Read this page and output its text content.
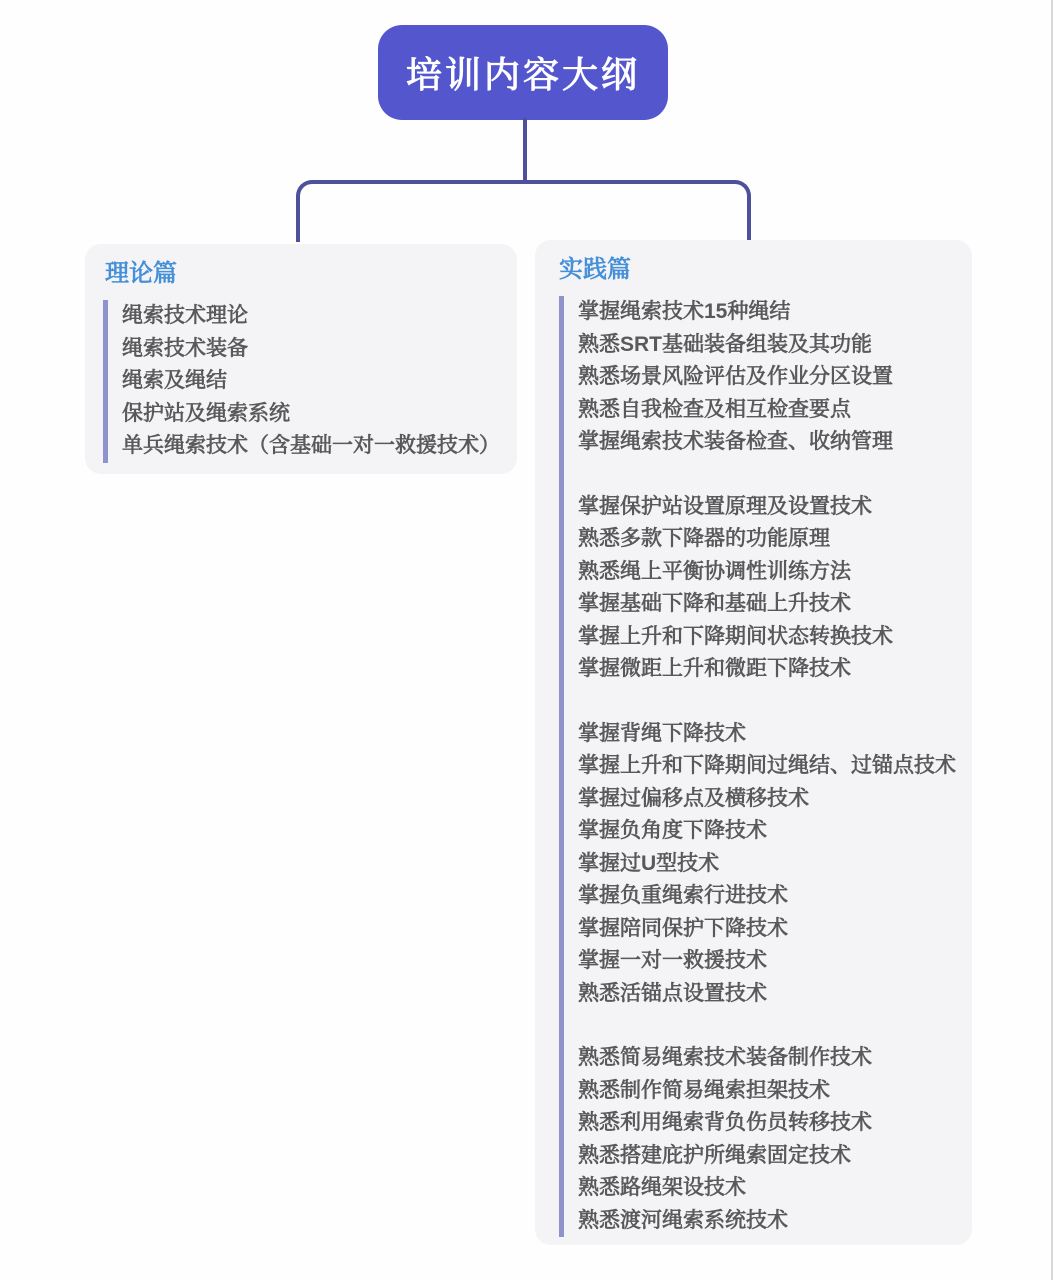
培训内容大纲
理论篇
绳索技术理论
绳索技术装备
绳索及绳结
保护站及绳索系统
单兵绳索技术（含基础一对一救援技术）
实践篇
掌握绳索技术15种绳结
熟悉SRT基础装备组装及其功能
熟悉场景风险评估及作业分区设置
熟悉自我检查及相互检查要点
掌握绳索技术装备检查、收纳管理
掌握保护站设置原理及设置技术
熟悉多款下降器的功能原理
熟悉绳上平衡协调性训练方法
掌握基础下降和基础上升技术
掌握上升和下降期间状态转换技术
掌握微距上升和微距下降技术
掌握背绳下降技术
掌握上升和下降期间过绳结、过锚点技术
掌握过偏移点及横移技术
掌握负角度下降技术
掌握过U型技术
掌握负重绳索行进技术
掌握陪同保护下降技术
掌握一对一救援技术
熟悉活锚点设置技术
熟悉简易绳索技术装备制作技术
熟悉制作简易绳索担架技术
熟悉利用绳索背负伤员转移技术
熟悉搭建庇护所绳索固定技术
熟悉路绳架设技术
熟悉渡河绳索系统技术
